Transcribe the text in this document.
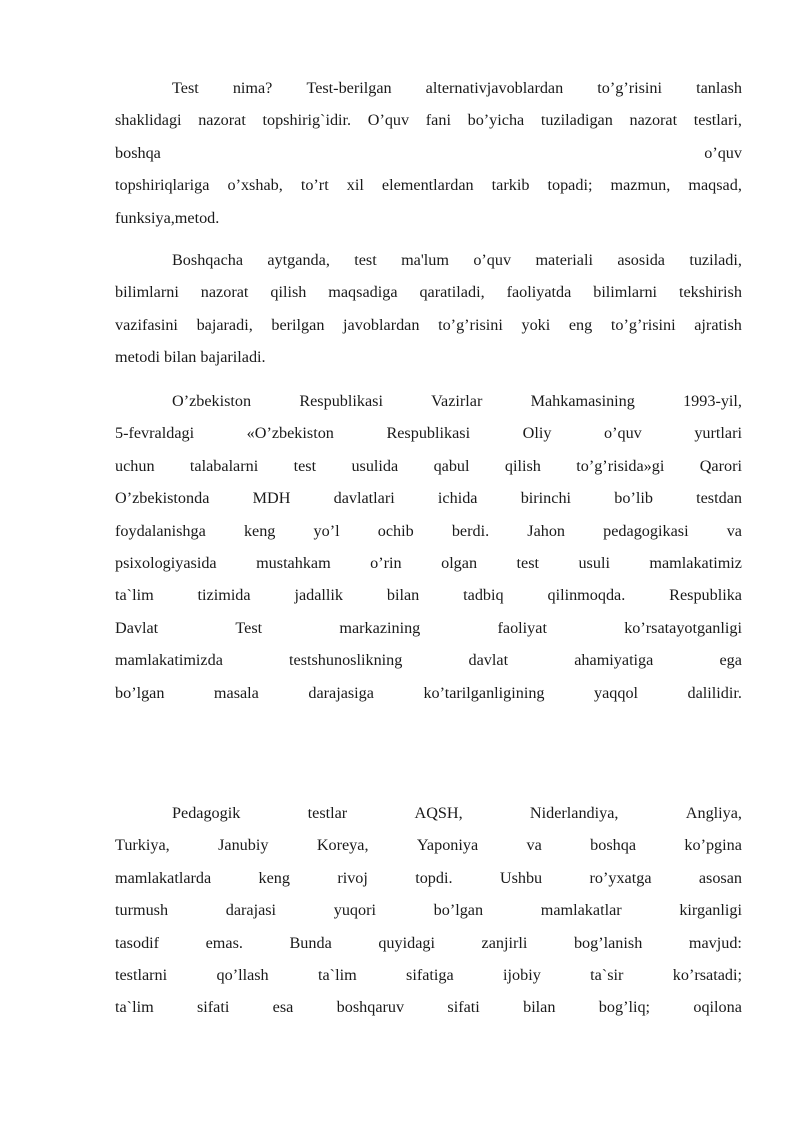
Test nima? Test-berilgan alternativjavoblardan to’g’risini tanlash
shaklidagi nazorat topshirig`idir. O’quv fani bo’yicha tuziladigan nazorat testlari,
boshqa	o’quv
topshiriqlariga o’xshab, to’rt xil elementlardan tarkib topadi; mazmun, maqsad,
funksiya,metod.
Boshqacha aytganda, test ma'lum o’quv materiali asosida tuziladi,
bilimlarni nazorat qilish maqsadiga qaratiladi, faoliyatda bilimlarni tekshirish
vazifasini bajaradi, berilgan javoblardan to’g’risini yoki eng to’g’risini ajratish
metodi bilan bajariladi.
O’zbekiston	Respublikasi	Vazirlar	Mahkamasining	1993-yil,
5-fevraldagi	«O’zbekiston	Respublikasi	Oliy	o’quv	yurtlari
uchun talabalarni test usulida qabul qilish to’g’risida»gi Qarori
O’zbekistonda	MDH	davlatlari	ichida	birinchi	bo’lib	testdan
foydalanishga keng yo’l ochib berdi. Jahon pedagogikasi va
psixologiyasida mustahkam o’rin olgan test usuli mamlakatimiz
ta`lim	tizimida	jadallik	bilan	tadbiq	qilinmoqda.	Respublika
Davlat	Test	markazining	faoliyat	ko’rsatayotganligi
mamlakatimizda	testshunoslikning	davlat	ahamiyatiga	ega
bo’lgan	masala	darajasiga	ko’tarilganligining	yaqqol	dalilidir.
Pedagogik	testlar	AQSH,	Niderlandiya,	Angliya,
Turkiya,	Janubiy	Koreya,	Yaponiya	va	boshqa	ko’pgina
mamlakatlarda	keng	rivoj	topdi.	Ushbu	ro’yxatga	asosan
turmush	darajasi	yuqori	bo’lgan	mamlakatlar	kirganligi
tasodif	emas.	Bunda	quyidagi	zanjirli	bog’lanish	mavjud:
testlarni	qo’llash	ta`lim	sifatiga	ijobiy	ta`sir	ko’rsatadi;
ta`lim	sifati	esa	boshqaruv	sifati	bilan	bog’liq;	oqilona
